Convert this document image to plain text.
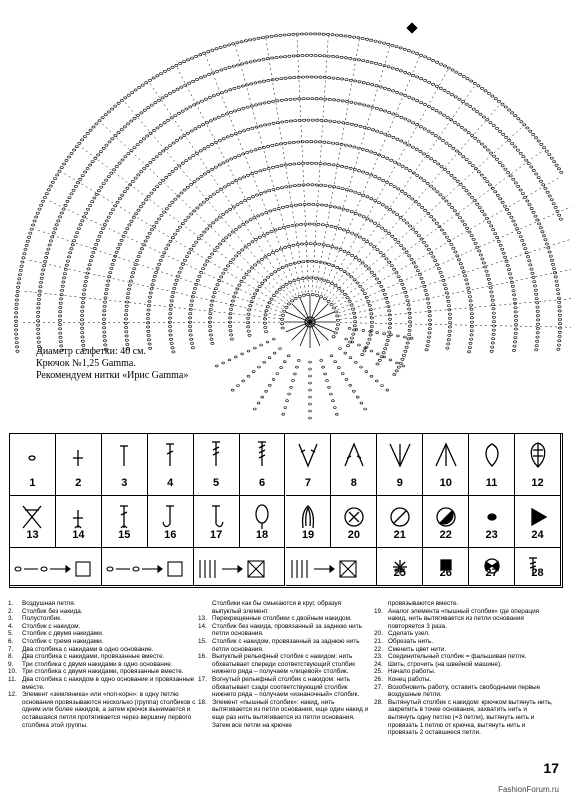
Диаметр салфетки: 40 см.
Крючок №1,25 Gamma.
Рекомендуем нитки «Ирис Gamma»
1	2	3	4	5	6	7	8	9	10	11	12
13	14	15	16	17	18	19	20	21	22	23	24
25	26	27	28
1.	Воздушная петля.
2.	Столбик без накида.
3.	Полустолбик.
4.	Столбик с накидом.
5.	Столбик с двумя накидами.
6.	Столбик с тремя накидами.
7.	Два столбика с накидами в одно основание.
8.	Два столбика с накидами, провязанные вместе.
9.	Три столбика с двумя накидами в одно основание.
10. Три столбика с двумя накидами, провязанные вместе.
11. Два столбика с накидом в одно основание и провязанные вместе.
12. Элемент «земляника» или «поп-корн»: в одну петлю основания провязываются несколько (группа) столбиков с одним или более накидов, а затем крючок вынимается и оставшаяся петля протягивается через вершину первого столбика этой группы.
Столбики как бы смыкаются в круг, образуя выпуклый элемент.
13. Перекрещенные столбики с двойным накидом.
14. Столбик без накида, провязанный за заднюю нить петли основания.
15. Столбик с накидом, провязанный за заднюю нить петли основания.
16. Выпуклый рельефный столбик с накидом: нить обхватывает спереди соответствующий столбик нижнего ряда – получаем «лицевой» столбик.
17. Вогнутый рельефный столбик с накидом: нить обхватывает сзади соответствующий столбик нижнего ряда – получаем «изнаночный» столбик.
18. Элемент «пышный столбик»: накид, нить вытягивается из петли основания, еще один накид и еще раз нить вытягивается из петли основания. Затем все петли на крючке
провязываются вместе.
19. Аналог элемента «пышный столбик» где операция накид, нить вытягивается из петли основания повторяется 3 раза.
20. Сделать узел.
21. Обрезать нить.
22. Сменить цвет нити.
23. Соединительный столбик = фальшивая петля.
24. Шить, строчить (на швейной машине).
25. Начало работы.
26. Конец работы.
27. Возобновить работу, оставить свободными первые воздушные петли.
28. Вытянутый столбик с накидом: крючком вытянуть нить, закрепить в точке основания, захватить нить и вытянуть одну петлю (=3 петли), вытянуть нить и провязать 1 петлю от крючка, вытянуть нить и провязать 2 оставшиеся петли.
17
FashionForum.ru
